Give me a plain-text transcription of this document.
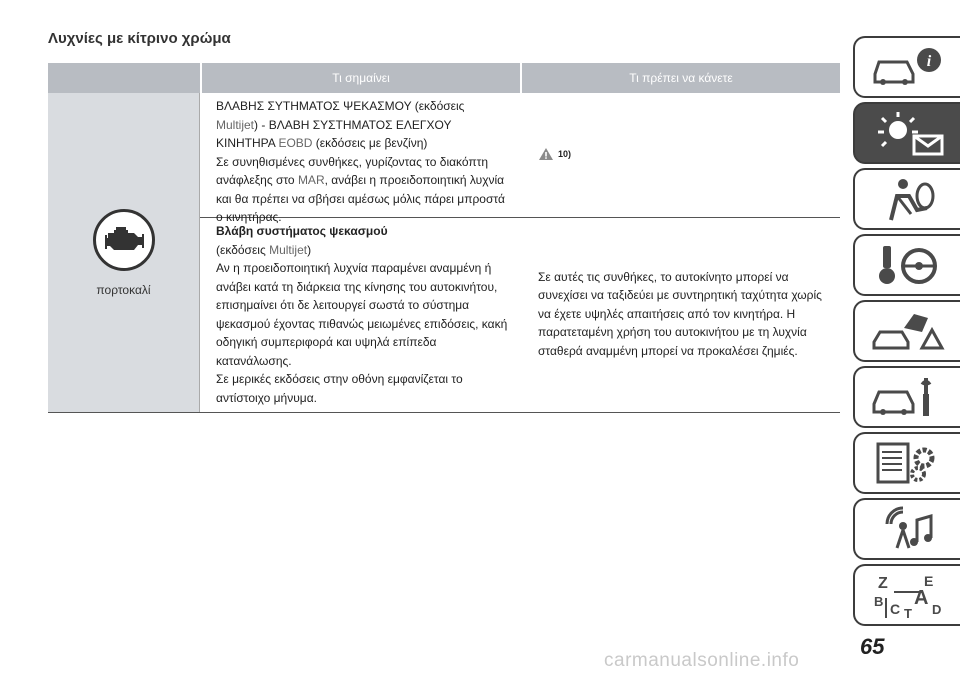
Λυχνίες με κίτρινο χρώμα
Τι σημαίνει	Τι πρέπει να κάνετε
πορτοκαλί
ΒΛΑΒΗΣ ΣΥΤΗΜΑΤΟΣ ΨΕΚΑΣΜΟΥ (εκδόσεις
Multijet) - ΒΛΑΒΗ ΣΥΣΤΗΜΑΤΟΣ ΕΛΕΓΧΟΥ
ΚΙΝΗΤΗΡΑ EOBD (εκδόσεις με βενζίνη)
Σε συνηθισμένες συνθήκες, γυρίζοντας το διακόπτη ανάφλεξης στο MAR, ανάβει η προειδοποιητική λυχνία και θα πρέπει να σβήσει αμέσως μόλις πάρει μπροστά ο κινητήρας.
10)
Βλάβη συστήματος ψεκασμού
(εκδόσεις Multijet)
Αν η προειδοποιητική λυχνία παραμένει αναμμένη ή ανάβει κατά τη διάρκεια της κίνησης του αυτοκινήτου, επισημαίνει ότι δε λειτουργεί σωστά το σύστημα ψεκασμού έχοντας πιθανώς μειωμένες επιδόσεις, κακή οδηγική συμπεριφορά και υψηλά επίπεδα κατανάλωσης.
Σε μερικές εκδόσεις στην οθόνη εμφανίζεται το αντίστοιχο μήνυμα.
Σε αυτές τις συνθήκες, το αυτοκίνητο μπορεί να συνεχίσει να ταξιδεύει με συντηρητική ταχύτητα χωρίς να έχετε υψηλές απαιτήσεις από τον κινητήρα. Η παρατεταμένη χρήση του αυτοκινήτου με τη λυχνία σταθερά αναμμένη μπορεί να προκαλέσει ζημιές.
i
Z	E
B A
C D
T
65
carmanualsonline.info
